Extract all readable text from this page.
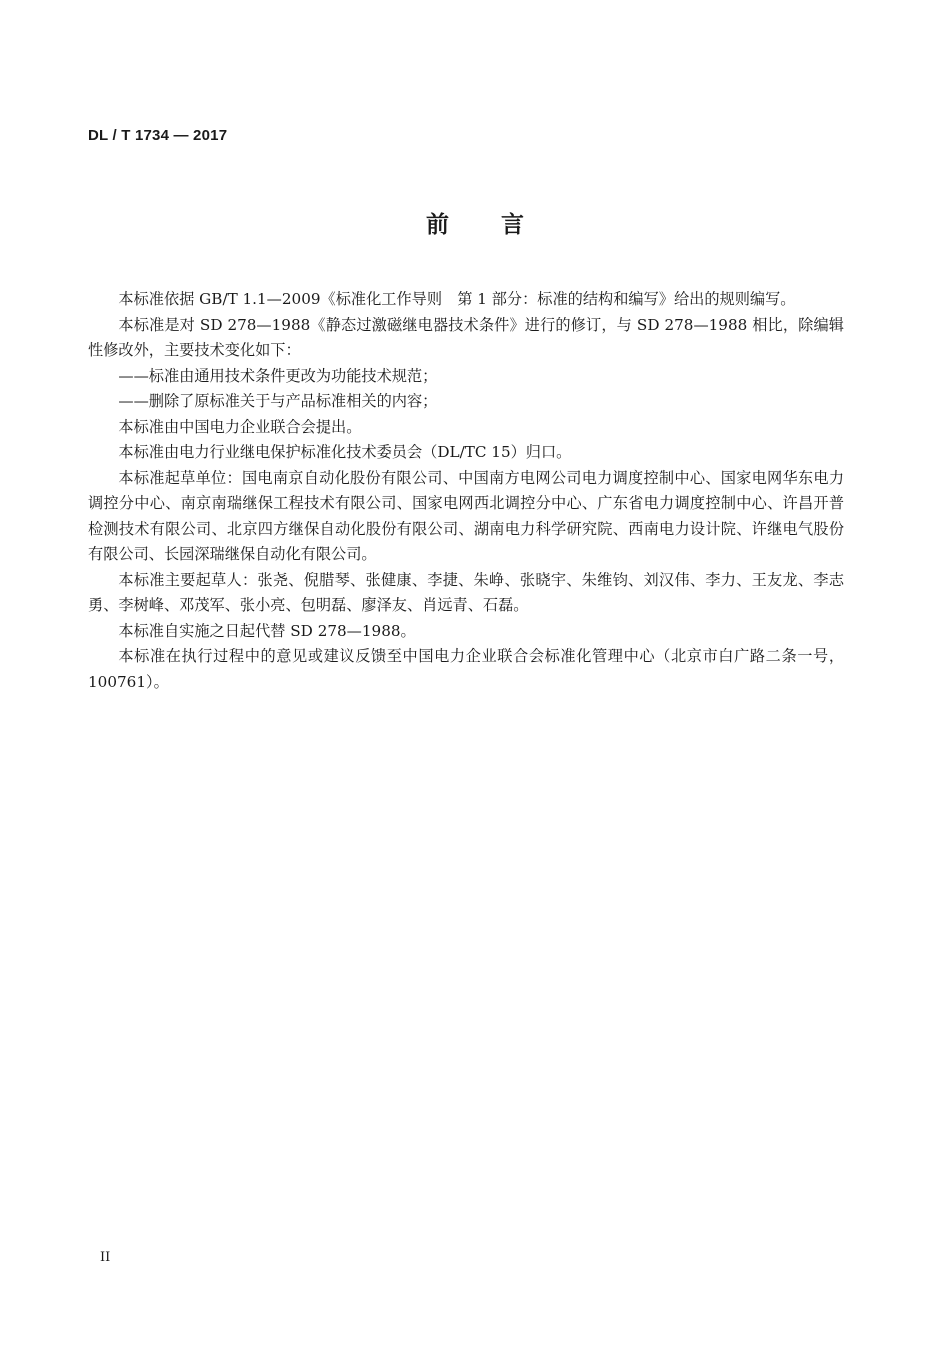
DL / T 1734 — 2017
前言

本标准依据 GB/T 1.1—2009《标准化工作导则　第 1 部分：标准的结构和编写》给出的规则编写。

本标准是对 SD 278—1988《静态过激磁继电器技术条件》进行的修订，与 SD 278—1988 相比，除编辑性修改外，主要技术变化如下：

——标准由通用技术条件更改为功能技术规范；

——删除了原标准关于与产品标准相关的内容；

本标准由中国电力企业联合会提出。

本标准由电力行业继电保护标准化技术委员会（DL/TC 15）归口。

本标准起草单位：国电南京自动化股份有限公司、中国南方电网公司电力调度控制中心、国家电网华东电力调控分中心、南京南瑞继保工程技术有限公司、国家电网西北调控分中心、广东省电力调度控制中心、许昌开普检测技术有限公司、北京四方继保自动化股份有限公司、湖南电力科学研究院、西南电力设计院、许继电气股份有限公司、长园深瑞继保自动化有限公司。

本标准主要起草人：张尧、倪腊琴、张健康、李捷、朱峥、张晓宇、朱维钧、刘汉伟、李力、王友龙、李志勇、李树峰、邓茂军、张小亮、包明磊、廖泽友、肖远青、石磊。

本标准自实施之日起代替 SD 278—1988。

本标准在执行过程中的意见或建议反馈至中国电力企业联合会标准化管理中心（北京市白广路二条一号，100761）。

II
